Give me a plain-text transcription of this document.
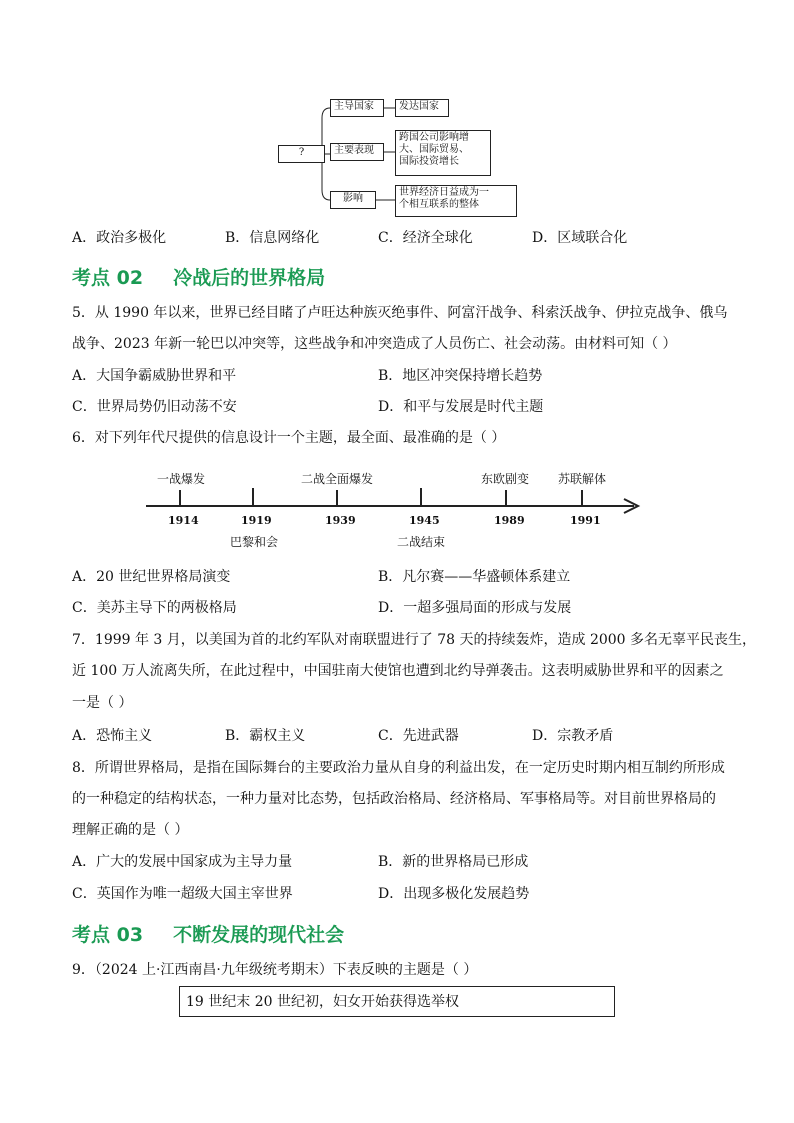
?
主导国家	发达国家
主要表现
跨国公司影响增
大、国际贸易、
国际投资增长
影响
世界经济日益成为一
个相互联系的整体
A．政治多极化	B．信息网络化	C．经济全球化	D．区域联合化
考点 02 冷战后的世界格局
5．从 1990 年以来，世界已经目睹了卢旺达种族灭绝事件、阿富汗战争、科索沃战争、伊拉克战争、俄乌
战争、2023 年新一轮巴以冲突等，这些战争和冲突造成了人员伤亡、社会动荡。由材料可知（ ）
A．大国争霸威胁世界和平	B．地区冲突保持增长趋势
C．世界局势仍旧动荡不安	D．和平与发展是时代主题
6．对下列年代尺提供的信息设计一个主题，最全面、最准确的是（ ）
一战爆发	二战全面爆发	东欧剧变 苏联解体
1914	1919	1939	1945	1989	1991
巴黎和会	二战结束
A．20 世纪世界格局演变	B．凡尔赛——华盛顿体系建立
C．美苏主导下的两极格局	D．一超多强局面的形成与发展
7．1999 年 3 月，以美国为首的北约军队对南联盟进行了 78 天的持续轰炸，造成 2000 多名无辜平民丧生，
近 100 万人流离失所，在此过程中，中国驻南大使馆也遭到北约导弹袭击。这表明威胁世界和平的因素之
一是（ ）
A．恐怖主义	B．霸权主义	C．先进武器	D．宗教矛盾
8．所谓世界格局，是指在国际舞台的主要政治力量从自身的利益出发，在一定历史时期内相互制约所形成
的一种稳定的结构状态，一种力量对比态势，包括政治格局、经济格局、军事格局等。对目前世界格局的
理解正确的是（ ）
A．广大的发展中国家成为主导力量	B．新的世界格局已形成
C．英国作为唯一超级大国主宰世界	D．出现多极化发展趋势
考点 03 不断发展的现代社会
9．（2024 上·江西南昌·九年级统考期末）下表反映的主题是（ ）
19 世纪末 20 世纪初，妇女开始获得选举权
